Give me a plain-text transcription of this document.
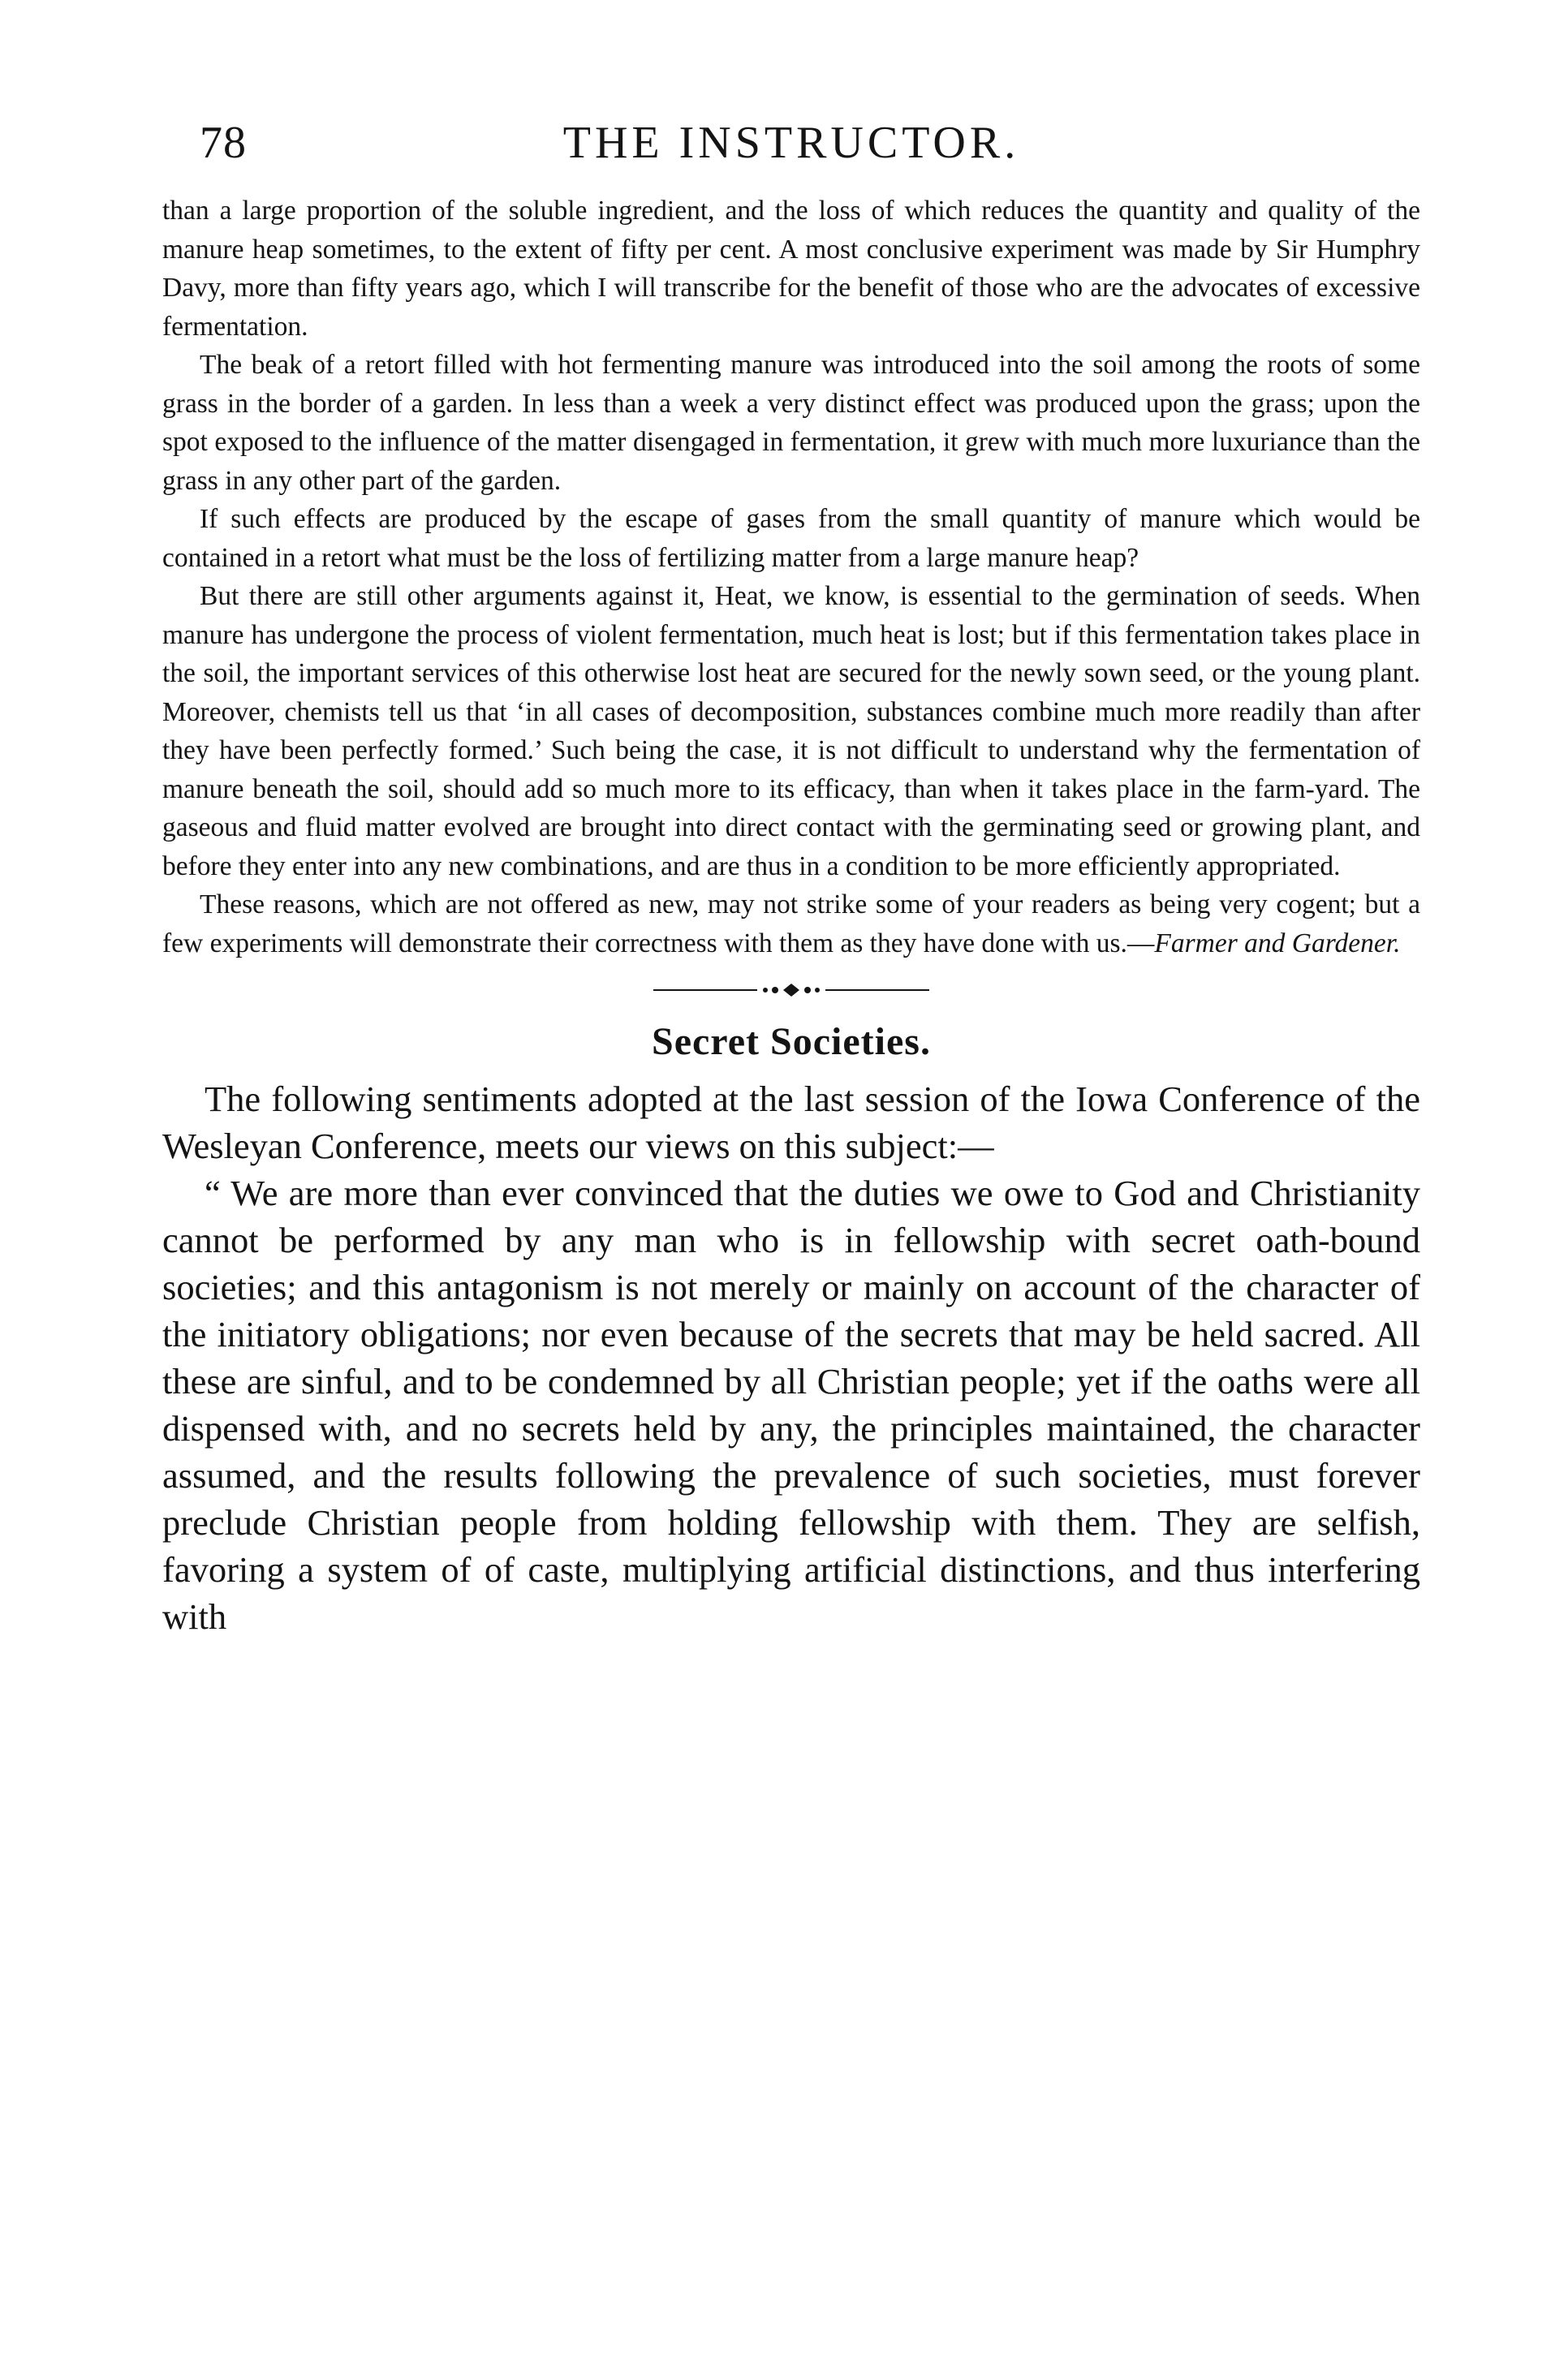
78	THE INSTRUCTOR.

than a large proportion of the soluble ingredient, and the loss of which reduces the quantity and quality of the manure heap sometimes, to the extent of fifty per cent. A most conclusive experiment was made by Sir Humphry Davy, more than fifty years ago, which I will transcribe for the benefit of those who are the advocates of excessive fermentation.

The beak of a retort filled with hot fermenting manure was introduced into the soil among the roots of some grass in the border of a garden. In less than a week a very distinct effect was produced upon the grass; upon the spot exposed to the influence of the matter disengaged in fermentation, it grew with much more luxuriance than the grass in any other part of the garden.

If such effects are produced by the escape of gases from the small quantity of manure which would be contained in a retort what must be the loss of fertilizing matter from a large manure heap?

But there are still other arguments against it, Heat, we know, is essential to the germination of seeds. When manure has undergone the process of violent fermentation, much heat is lost; but if this fermentation takes place in the soil, the important services of this otherwise lost heat are secured for the newly sown seed, or the young plant. Moreover, chemists tell us that ‘in all cases of decomposition, substances combine much more readily than after they have been perfectly formed.’ Such being the case, it is not difficult to understand why the fermentation of manure beneath the soil, should add so much more to its efficacy, than when it takes place in the farm-yard. The gaseous and fluid matter evolved are brought into direct contact with the germinating seed or growing plant, and before they enter into any new combinations, and are thus in a condition to be more efficiently appropriated.

These reasons, which are not offered as new, may not strike some of your readers as being very cogent; but a few experiments will demonstrate their correctness with them as they have done with us.—Farmer and Gardener.

Secret Societies.

The following sentiments adopted at the last session of the Iowa Conference of the Wesleyan Conference, meets our views on this subject:—

“ We are more than ever convinced that the duties we owe to God and Christianity cannot be performed by any man who is in fellowship with secret oath-bound societies; and this antagonism is not merely or mainly on account of the character of the initiatory obligations; nor even because of the secrets that may be held sacred. All these are sinful, and to be condemned by all Christian people; yet if the oaths were all dispensed with, and no secrets held by any, the principles maintained, the character assumed, and the results following the prevalence of such societies, must forever preclude Christian people from holding fellowship with them. They are selfish, favoring a system of of caste, multiplying artificial distinctions, and thus interfering with
